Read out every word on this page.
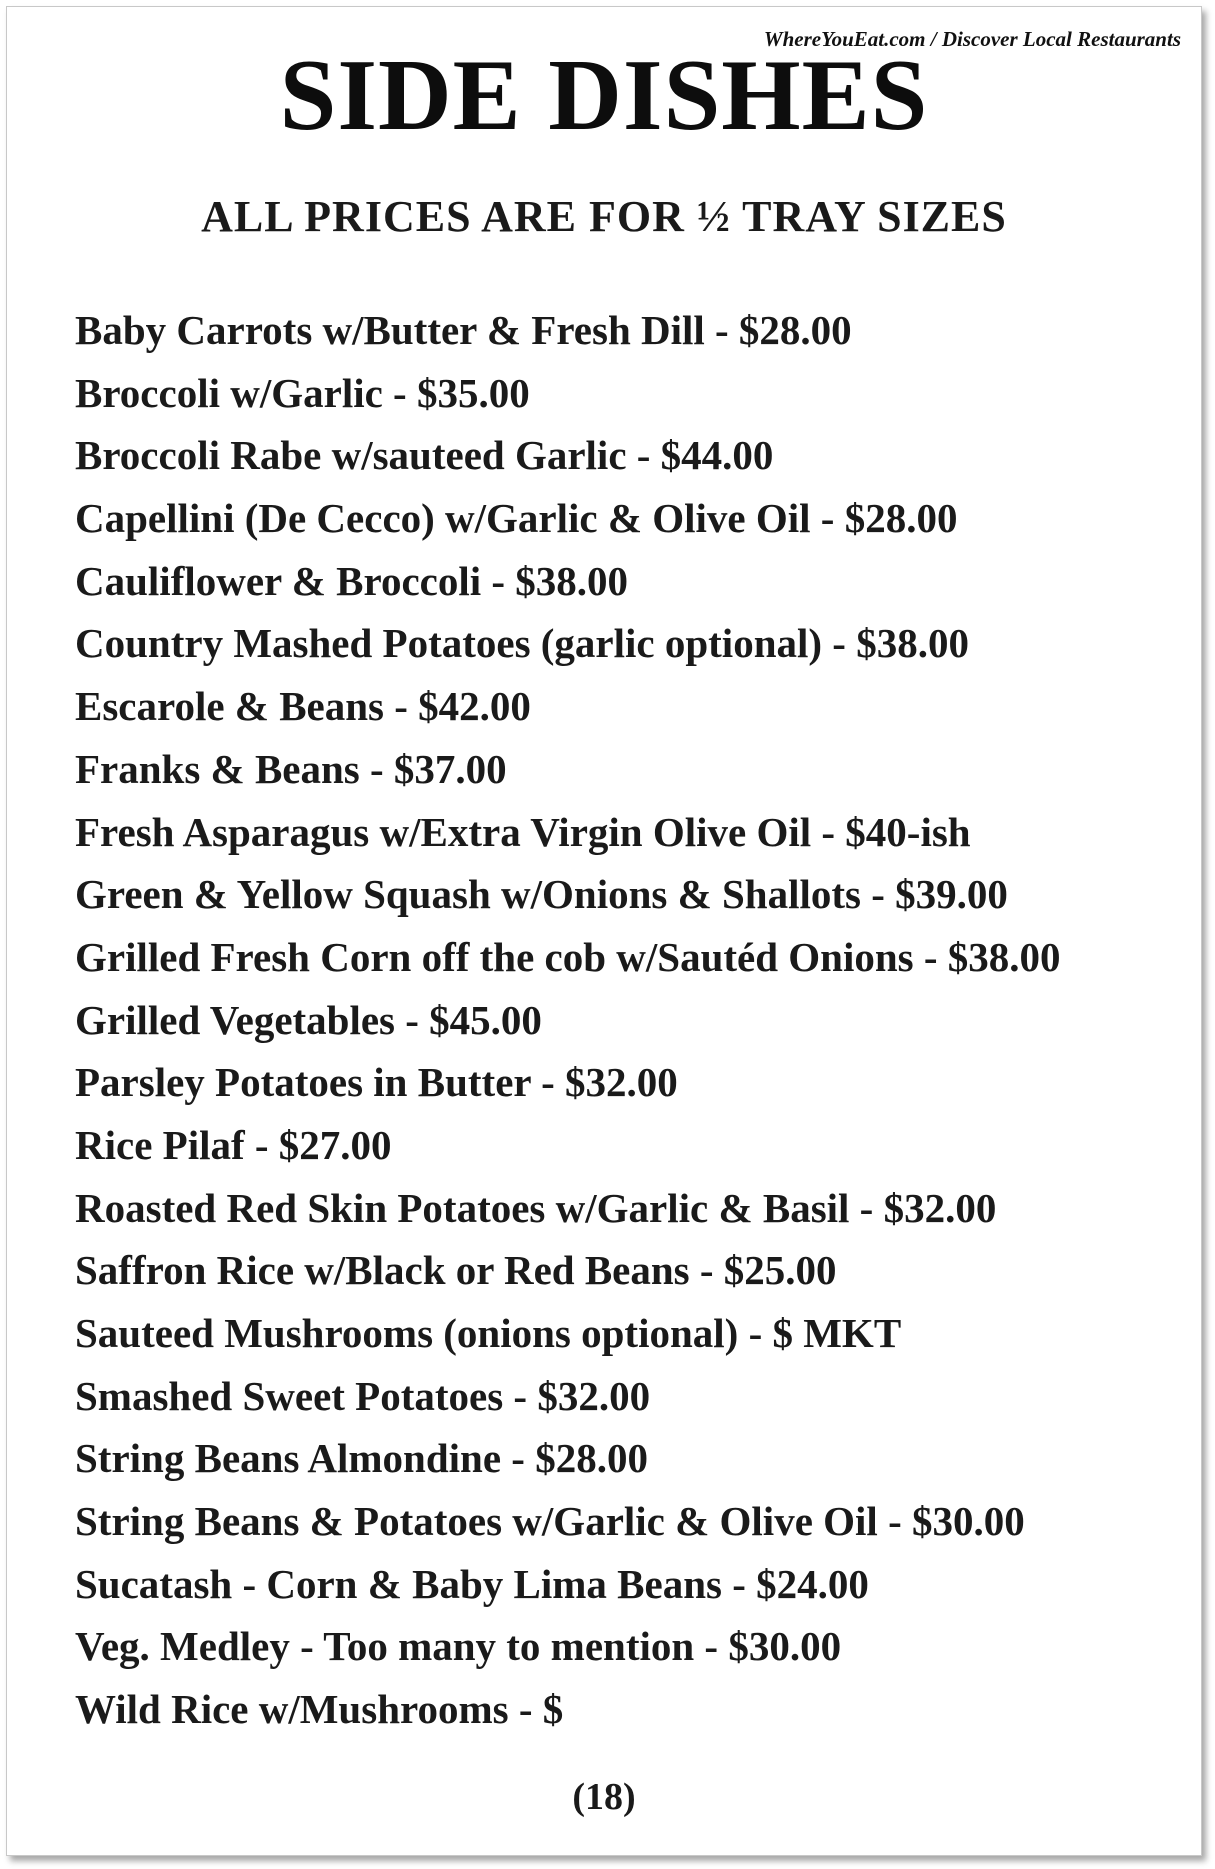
WhereYouEat.com / Discover Local Restaurants
SIDE DISHES
ALL PRICES ARE FOR ½ TRAY SIZES
Baby Carrots w/Butter & Fresh Dill - $28.00
Broccoli w/Garlic - $35.00
Broccoli Rabe w/sauteed Garlic - $44.00
Capellini (De Cecco) w/Garlic & Olive Oil - $28.00
Cauliflower & Broccoli - $38.00
Country Mashed Potatoes (garlic optional) - $38.00
Escarole & Beans - $42.00
Franks & Beans - $37.00
Fresh Asparagus w/Extra Virgin Olive Oil - $40-ish
Green & Yellow Squash w/Onions & Shallots - $39.00
Grilled Fresh Corn off the cob w/Sautéd Onions - $38.00
Grilled Vegetables - $45.00
Parsley Potatoes in Butter - $32.00
Rice Pilaf - $27.00
Roasted Red Skin Potatoes w/Garlic & Basil - $32.00
Saffron Rice w/Black or Red Beans - $25.00
Sauteed Mushrooms (onions optional) - $ MKT
Smashed Sweet Potatoes - $32.00
String Beans Almondine - $28.00
String Beans & Potatoes w/Garlic & Olive Oil - $30.00
Sucatash - Corn & Baby Lima Beans - $24.00
Veg. Medley - Too many to mention - $30.00
Wild Rice w/Mushrooms - $
(18)
